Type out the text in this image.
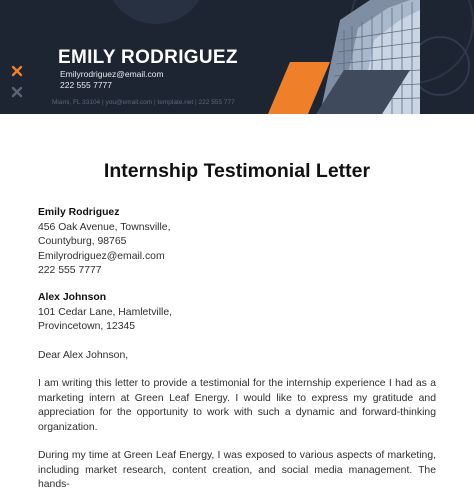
EMILY RODRIGUEZ
Emilyrodriguez@email.com
222 555 7777
Miami, FL 33104 | you@email.com | template.net | 222 555 777
Internship Testimonial Letter
Emily Rodriguez
456 Oak Avenue, Townsville,
Countyburg, 98765
Emilyrodriguez@email.com
222 555 7777
Alex Johnson
101 Cedar Lane, Hamletville,
Provincetown, 12345
Dear Alex Johnson,
I am writing this letter to provide a testimonial for the internship experience I had as a marketing intern at Green Leaf Energy. I would like to express my gratitude and appreciation for the opportunity to work with such a dynamic and forward-thinking organization.
During my time at Green Leaf Energy, I was exposed to various aspects of marketing, including market research, content creation, and social media management. The hands-
